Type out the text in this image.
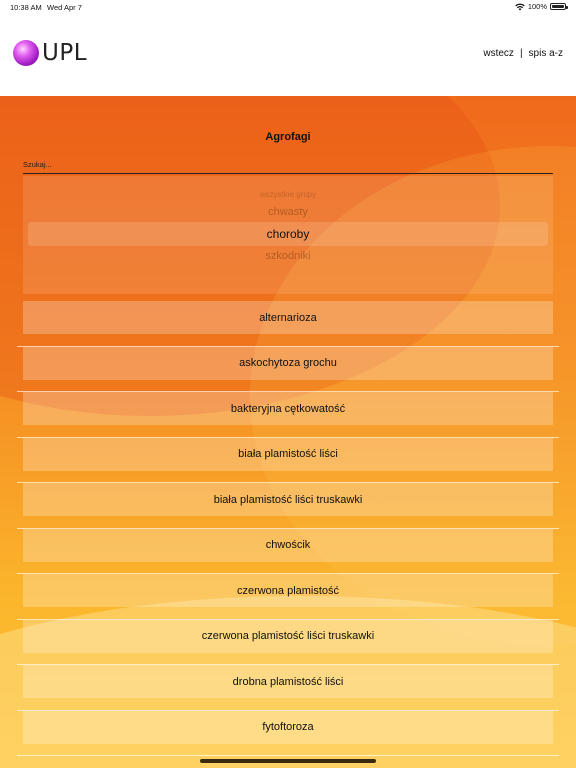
10:38 AM Wed Apr 7	100%
UPL	wstecz | spis a-z
Agrofagi
Szukaj...
wszystkie grupy
chwasty
choroby
szkodniki
alternarioza
askochytoza grochu
bakteryjna cętkowatość
biała plamistość liści
biała plamistość liści truskawki
chwościk
czerwona plamistość
czerwona plamistość liści truskawki
drobna plamistość liści
fytoftoroza
